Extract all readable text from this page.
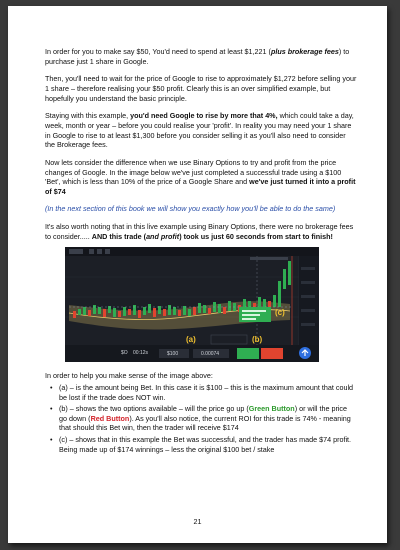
In order for you to make say $50, You'd need to spend at least $1,221 (plus brokerage fees) to purchase just 1 share in Google.

Then, you'll need to wait for the price of Google to rise to approximately $1,272 before selling your 1 share – therefore realising your $50 profit. Clearly this is an over simplified example, but hopefully you understand the basic principle.

Staying with this example, you'd need Google to rise by more that 4%, which could take a day, week, month or year – before you could realise your 'profit'. In reality you may need your 1 share in Google to rise to at least $1,300 before you consider selling it as you'll also need to consider the Brokerage fees.

Now lets consider the difference when we use Binary Options to try and profit from the price changes of Google. In the image below we've just completed a successful trade using a $100 'Bet', which is less than 10% of the price of a Google Share and we've just turned it into a profit of $74

(In the next section of this book we will show you exactly how you'll be able to do the same)

It's also worth noting that in this live example using Binary Options, there were no brokerage fees to consider..... AND this trade (and profit) took us just 60 seconds from start to finish!

$O 00:12s	$100	0.00074
(a)	(b)
(c)

In order to help you make sense of the image above:

• (a) – is the amount being Bet. In this case it is $100 – this is the maximum amount that could be lost if the trade does NOT win.
• (b) – shows the two options available – will the price go up (Green Button) or will the price go down (Red Button). As you'll also notice, the current ROI for this trade is 74% - meaning that should this Bet win, then the trader will receive $174
• (c) – shows that in this example the Bet was successful, and the trader has made $74 profit. Being made up of $174 winnings – less the original $100 bet / stake
21
